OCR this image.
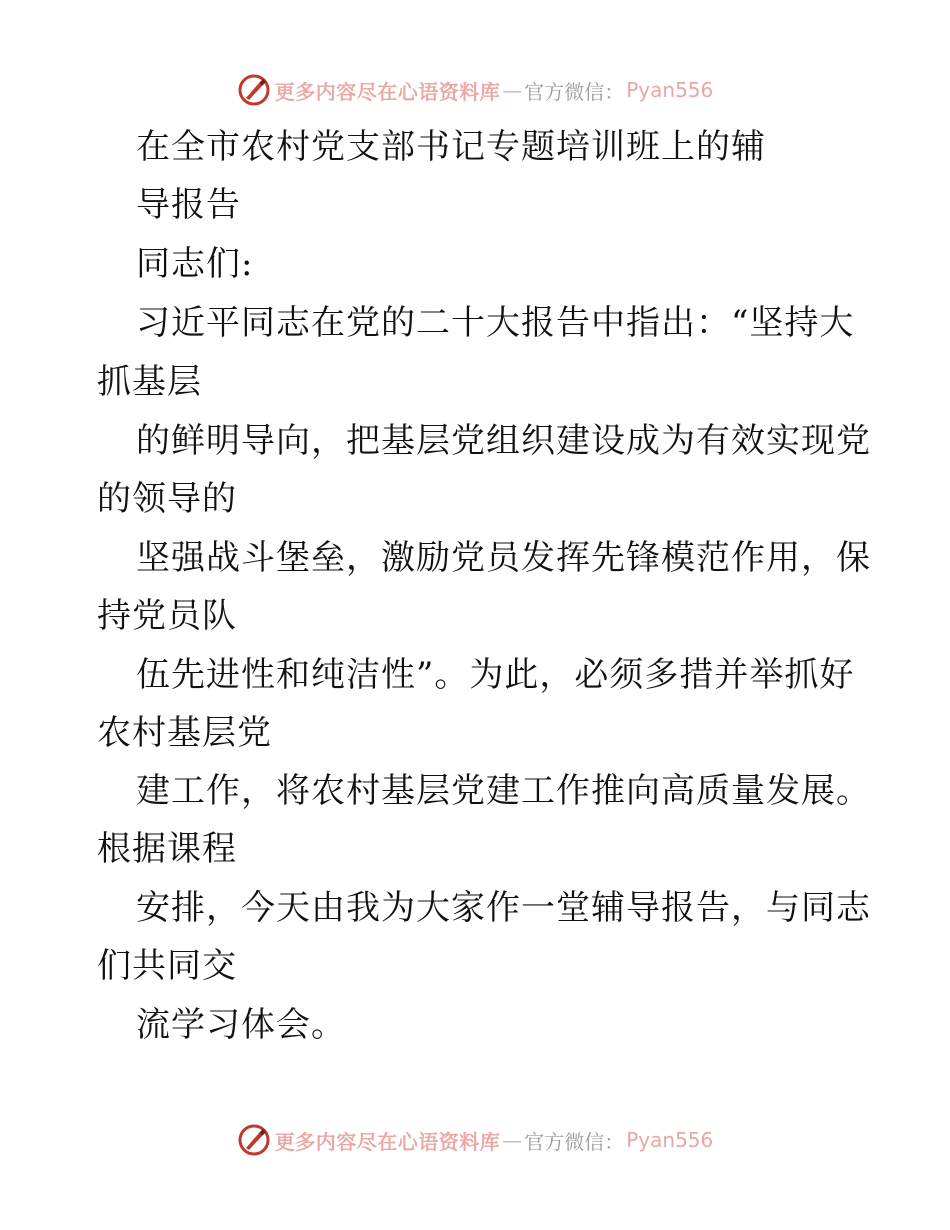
更多内容尽在心语资料库 — 官方微信： Pyan556
在全市农村党支部书记专题培训班上的辅
导报告
同志们:
习近平同志在党的二十大报告中指出：“坚持大
抓基层
的鲜明导向，把基层党组织建设成为有效实现党
的领导的
坚强战斗堡垒，激励党员发挥先锋模范作用，保
持党员队
伍先进性和纯洁性”。为此，必须多措并举抓好
农村基层党
建工作，将农村基层党建工作推向高质量发展。
根据课程
安排，今天由我为大家作一堂辅导报告，与同志
们共同交
流学习体会。
更多内容尽在心语资料库 — 官方微信： Pyan556
